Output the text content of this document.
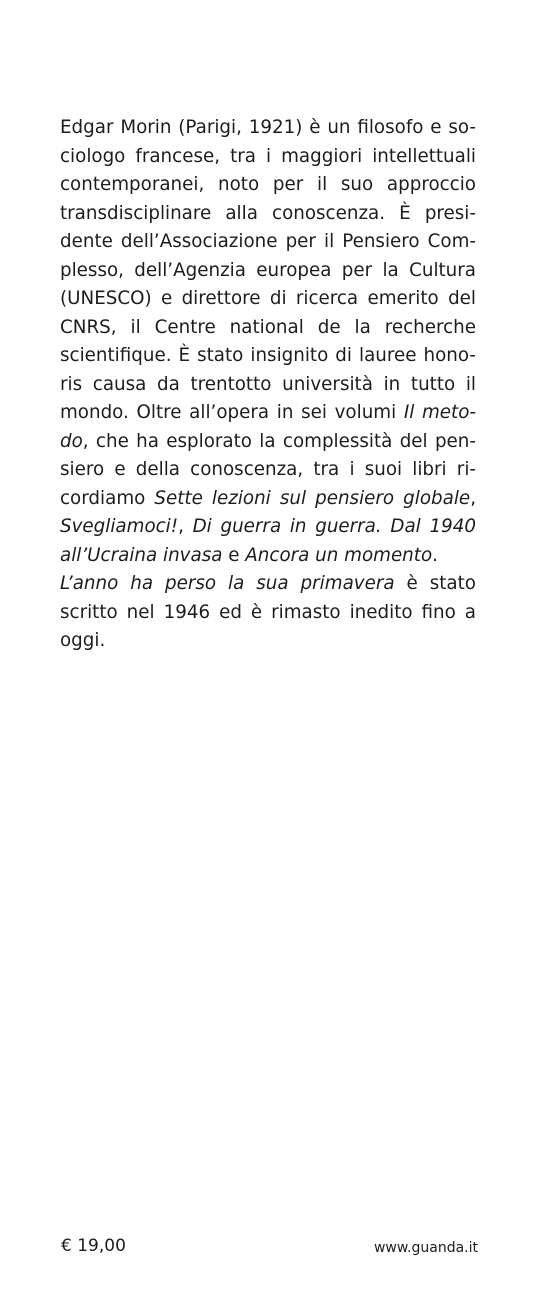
Edgar Morin (Parigi, 1921) è un filosofo e so-
ciologo francese, tra i maggiori intellettuali
contemporanei, noto per il suo approccio
transdisciplinare alla conoscenza. È presi-
dente dell’Associazione per il Pensiero Com-
plesso, dell’Agenzia europea per la Cultura
(UNESCO) e direttore di ricerca emerito del
CNRS, il Centre national de la recherche
scientifique. È stato insignito di lauree hono-
ris causa da trentotto università in tutto il
mondo. Oltre all’opera in sei volumi Il meto-
do, che ha esplorato la complessità del pen-
siero e della conoscenza, tra i suoi libri ri-
cordiamo Sette lezioni sul pensiero globale,
Svegliamoci!, Di guerra in guerra. Dal 1940
all’Ucraina invasa e Ancora un momento.
L’anno ha perso la sua primavera è stato
scritto nel 1946 ed è rimasto inedito fino a
oggi.
€ 19,00	www.guanda.it
